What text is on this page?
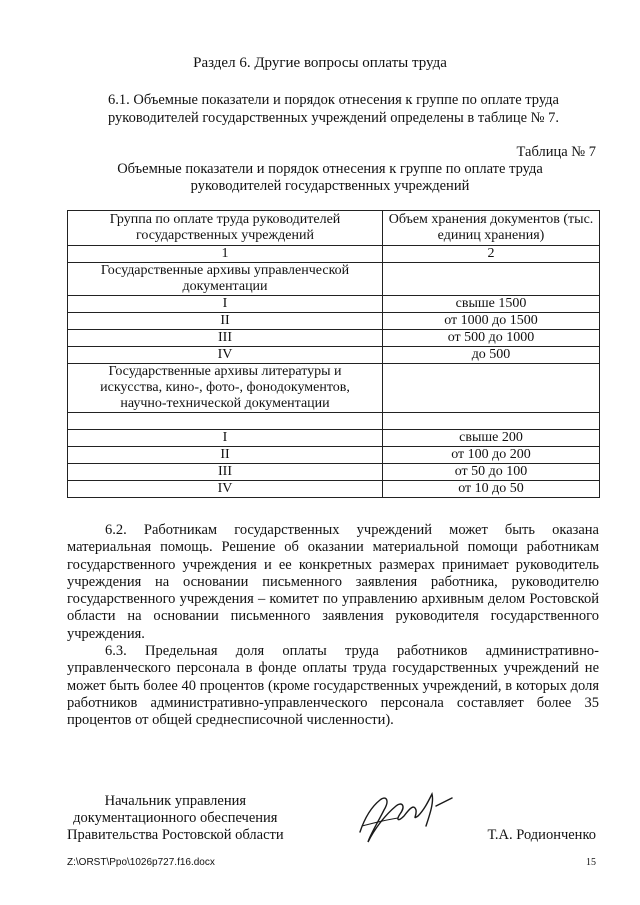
Раздел 6. Другие вопросы оплаты труда
6.1. Объемные показатели и порядок отнесения к группе по оплате труда руководителей государственных учреждений определены в таблице № 7.
Таблица № 7
Объемные показатели и порядок отнесения к группе по оплате труда
руководителей государственных учреждений
Группа по оплате труда руководителей государственных учреждений	Объем хранения документов (тыс. единиц хранения)
1	2
Государственные архивы управленческой документации	
I	свыше 1500
II	от 1000 до 1500
III	от 500 до 1000
IV	до 500
Государственные архивы литературы и искусства, кино-, фото-, фонодокументов, научно-технической документации	

I	свыше 200
II	от 100 до 200
III	от 50 до 100
IV	от 10 до 50

6.2. Работникам государственных учреждений может быть оказана материальная помощь. Решение об оказании материальной помощи работникам государственного учреждения и ее конкретных размерах принимает руководитель учреждения на основании письменного заявления работника, руководителю государственного учреждения – комитет по управлению архивным делом Ростовской области на основании письменного заявления руководителя государственного учреждения.

6.3. Предельная доля оплаты труда работников административно-управленческого персонала в фонде оплаты труда государственных учреждений не может быть более 40 процентов (кроме государственных учреждений, в которых доля работников административно-управленческого персонала составляет более 35 процентов от общей среднесписочной численности).

Начальник управления
документационного обеспечения
Правительства Ростовской области	Т.А. Родионченко
Z:\ORST\Ppo\1026p727.f16.docx	15
